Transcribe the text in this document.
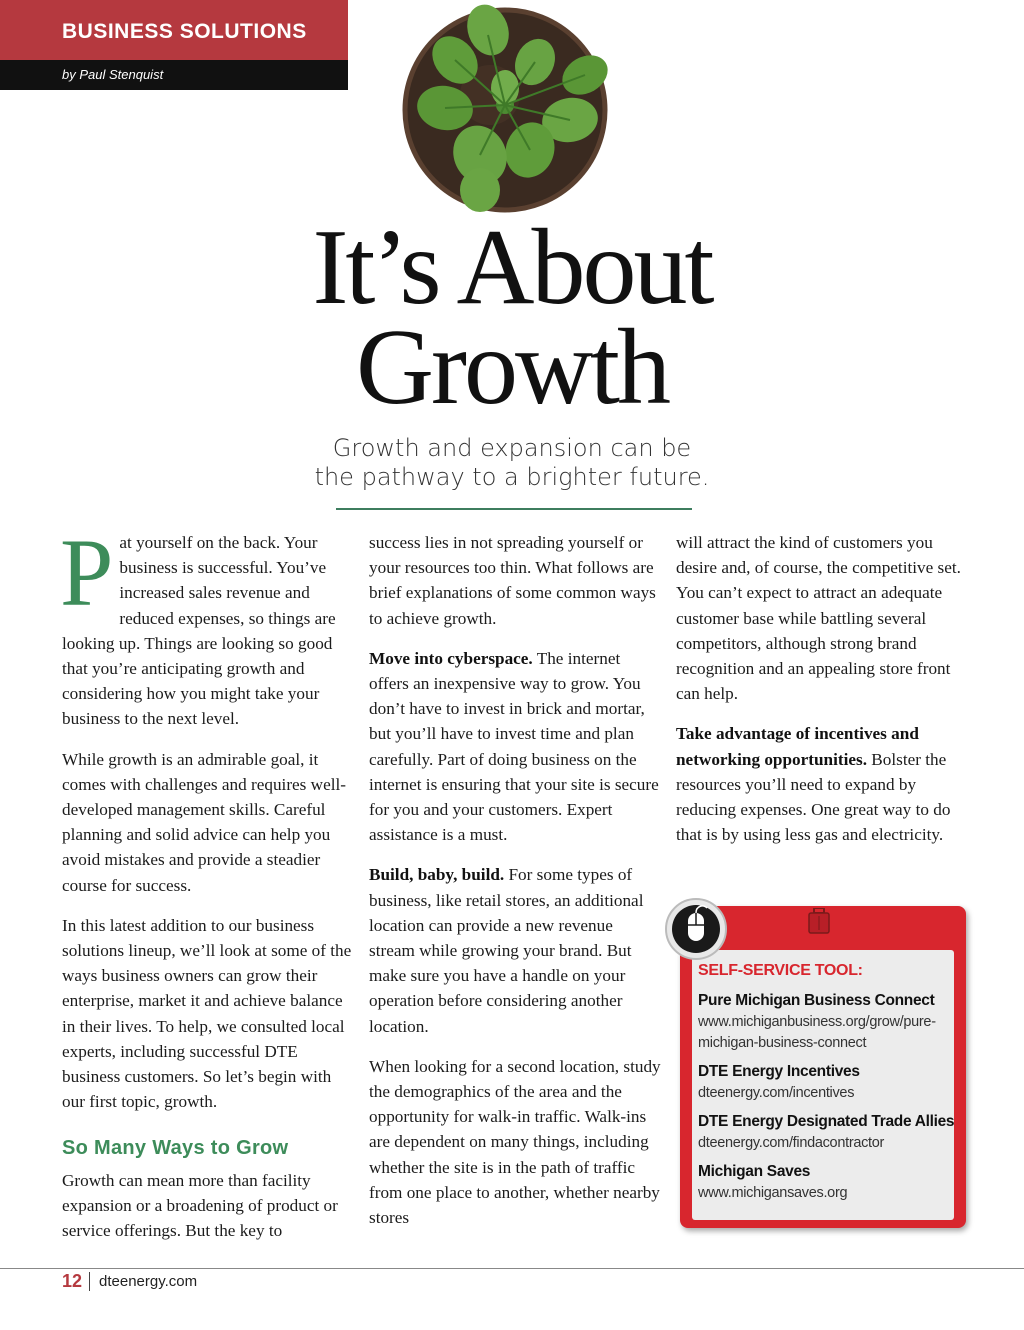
BUSINESS SOLUTIONS
by Paul Stenquist
It’s About
Growth
Growth and expansion can be
the pathway to a brighter future.
P at yourself on the back. Your business is successful. You’ve increased sales revenue and reduced expenses, so things are looking up. Things are looking so good that you’re anticipating growth and considering how you might take your business to the next level.

While growth is an admirable goal, it comes with challenges and requires well-developed management skills. Careful planning and solid advice can help you avoid mistakes and provide a steadier course for success.

In this latest addition to our business solutions lineup, we’ll look at some of the ways business owners can grow their enterprise, market it and achieve balance in their lives. To help, we consulted local experts, including successful DTE business customers. So let’s begin with our first topic, growth.

So Many Ways to Grow

Growth can mean more than facility expansion or a broadening of product or service offerings. But the key to

success lies in not spreading yourself or your resources too thin. What follows are brief explanations of some common ways to achieve growth.

Move into cyberspace. The internet offers an inexpensive way to grow. You don’t have to invest in brick and mortar, but you’ll have to invest time and plan carefully. Part of doing business on the internet is ensuring that your site is secure for you and your customers. Expert assistance is a must.

Build, baby, build. For some types of business, like retail stores, an additional location can provide a new revenue stream while growing your brand. But make sure you have a handle on your operation before considering another location.

When looking for a second location, study the demographics of the area and the opportunity for walk-in traffic. Walk-ins are dependent on many things, including whether the site is in the path of traffic from one place to another, whether nearby stores

will attract the kind of customers you desire and, of course, the competitive set. You can’t expect to attract an adequate customer base while battling several competitors, although strong brand recognition and an appealing store front can help.

Take advantage of incentives and networking opportunities. Bolster the resources you’ll need to expand by reducing expenses. One great way to do that is by using less gas and electricity.

SELF-SERVICE TOOL:
Pure Michigan Business Connect
www.michiganbusiness.org/grow/pure-michigan-business-connect
DTE Energy Incentives
dteenergy.com/incentives
DTE Energy Designated Trade Allies
dteenergy.com/findacontractor
Michigan Saves
www.michigansaves.org
12 dteenergy.com
